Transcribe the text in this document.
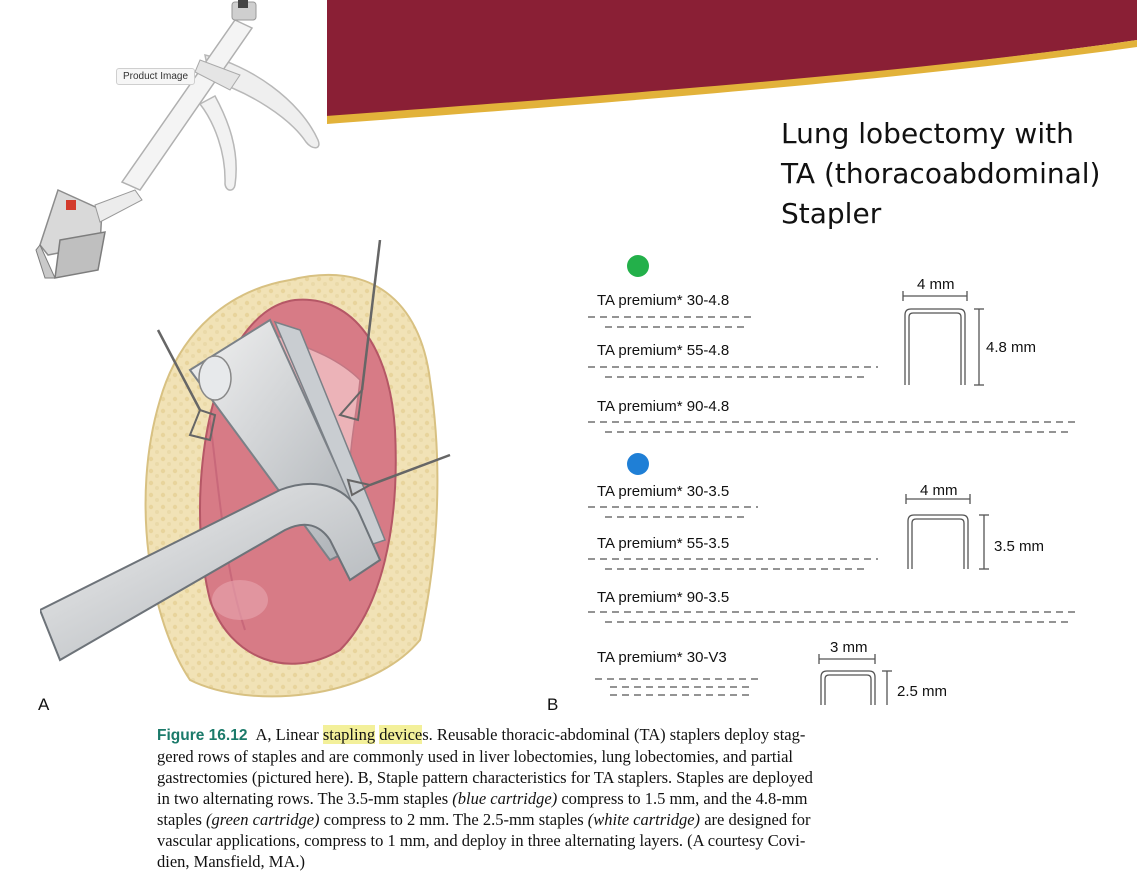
Product Image
Lung lobectomy with
TA (thoracoabdominal)
Stapler
A	B
TA premium* 30-4.8
TA premium* 55-4.8
TA premium* 90-4.8
TA premium* 30-3.5
TA premium* 55-3.5
TA premium* 90-3.5
TA premium* 30-V3
4 mm
4.8 mm
4 mm
3.5 mm
3 mm
2.5 mm
Figure 16.12 A, Linear stapling devices. Reusable thoracic-abdominal (TA) staplers deploy stag-
gered rows of staples and are commonly used in liver lobectomies, lung lobectomies, and partial
gastrectomies (pictured here). B, Staple pattern characteristics for TA staplers. Staples are deployed
in two alternating rows. The 3.5-mm staples (blue cartridge) compress to 1.5 mm, and the 4.8-mm
staples (green cartridge) compress to 2 mm. The 2.5-mm staples (white cartridge) are designed for
vascular applications, compress to 1 mm, and deploy in three alternating layers. (A courtesy Covi-
dien, Mansfield, MA.)
